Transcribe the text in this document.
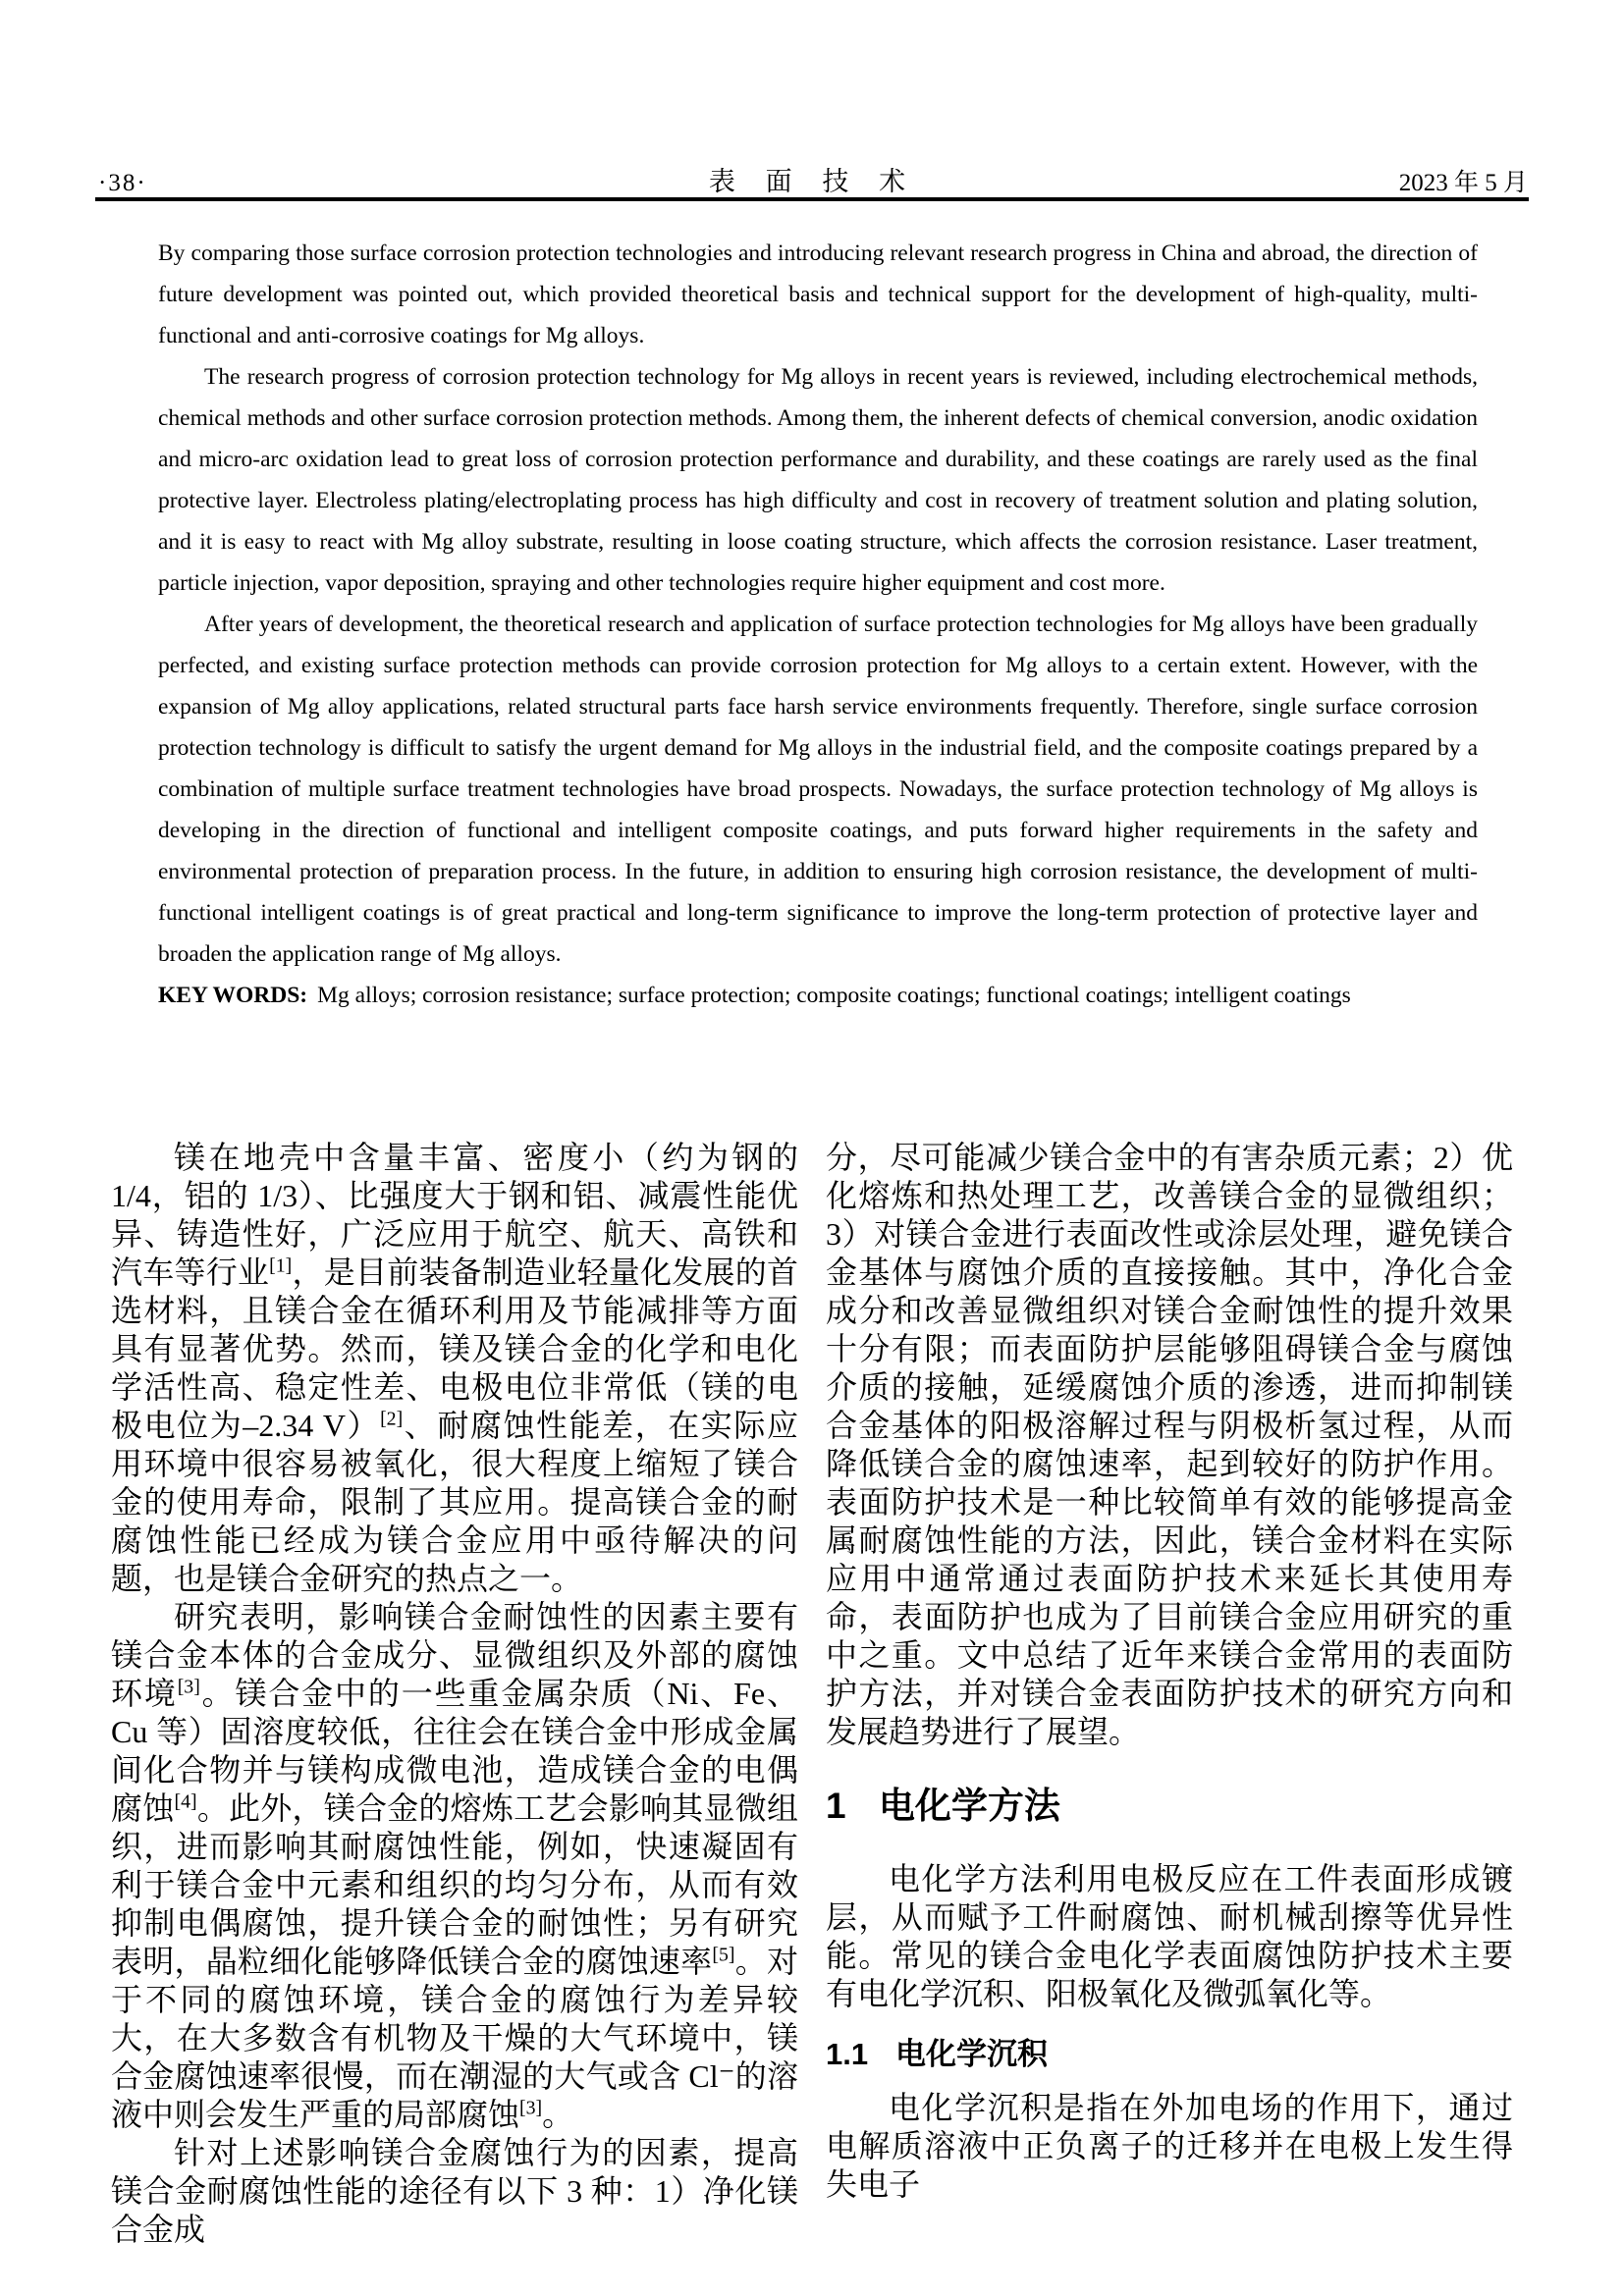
·38·	表 面 技 术	2023 年 5 月

By comparing those surface corrosion protection technologies and introducing relevant research progress in China and abroad, the direction of future development was pointed out, which provided theoretical basis and technical support for the development of high-quality, multi-functional and anti-corrosive coatings for Mg alloys.

The research progress of corrosion protection technology for Mg alloys in recent years is reviewed, including electrochemical methods, chemical methods and other surface corrosion protection methods. Among them, the inherent defects of chemical conversion, anodic oxidation and micro-arc oxidation lead to great loss of corrosion protection performance and durability, and these coatings are rarely used as the final protective layer. Electroless plating/electroplating process has high difficulty and cost in recovery of treatment solution and plating solution, and it is easy to react with Mg alloy substrate, resulting in loose coating structure, which affects the corrosion resistance. Laser treatment, particle injection, vapor deposition, spraying and other technologies require higher equipment and cost more.

After years of development, the theoretical research and application of surface protection technologies for Mg alloys have been gradually perfected, and existing surface protection methods can provide corrosion protection for Mg alloys to a certain extent. However, with the expansion of Mg alloy applications, related structural parts face harsh service environments frequently. Therefore, single surface corrosion protection technology is difficult to satisfy the urgent demand for Mg alloys in the industrial field, and the composite coatings prepared by a combination of multiple surface treatment technologies have broad prospects. Nowadays, the surface protection technology of Mg alloys is developing in the direction of functional and intelligent composite coatings, and puts forward higher requirements in the safety and environmental protection of preparation process. In the future, in addition to ensuring high corrosion resistance, the development of multi-functional intelligent coatings is of great practical and long-term significance to improve the long-term protection of protective layer and broaden the application range of Mg alloys.

KEY WORDS: Mg alloys; corrosion resistance; surface protection; composite coatings; functional coatings; intelligent coatings

镁在地壳中含量丰富、密度小（约为钢的 1/4，铝的 1/3）、比强度大于钢和铝、减震性能优异、铸造性好，广泛应用于航空、航天、高铁和汽车等行业[1]，是目前装备制造业轻量化发展的首选材料，且镁合金在循环利用及节能减排等方面具有显著优势。然而，镁及镁合金的化学和电化学活性高、稳定性差、电极电位非常低（镁的电极电位为–2.34 V）[2]、耐腐蚀性能差，在实际应用环境中很容易被氧化，很大程度上缩短了镁合金的使用寿命，限制了其应用。提高镁合金的耐腐蚀性能已经成为镁合金应用中亟待解决的问题，也是镁合金研究的热点之一。

研究表明，影响镁合金耐蚀性的因素主要有镁合金本体的合金成分、显微组织及外部的腐蚀环境[3]。镁合金中的一些重金属杂质（Ni、Fe、Cu 等）固溶度较低，往往会在镁合金中形成金属间化合物并与镁构成微电池，造成镁合金的电偶腐蚀[4]。此外，镁合金的熔炼工艺会影响其显微组织，进而影响其耐腐蚀性能，例如，快速凝固有利于镁合金中元素和组织的均匀分布，从而有效抑制电偶腐蚀，提升镁合金的耐蚀性；另有研究表明，晶粒细化能够降低镁合金的腐蚀速率[5]。对于不同的腐蚀环境，镁合金的腐蚀行为差异较大，在大多数含有机物及干燥的大气环境中，镁合金腐蚀速率很慢，而在潮湿的大气或含 Cl⁻的溶液中则会发生严重的局部腐蚀[3]。

针对上述影响镁合金腐蚀行为的因素，提高镁合金耐腐蚀性能的途径有以下 3 种：1）净化镁合金成

分，尽可能减少镁合金中的有害杂质元素；2）优化熔炼和热处理工艺，改善镁合金的显微组织；3）对镁合金进行表面改性或涂层处理，避免镁合金基体与腐蚀介质的直接接触。其中，净化合金成分和改善显微组织对镁合金耐蚀性的提升效果十分有限；而表面防护层能够阻碍镁合金与腐蚀介质的接触，延缓腐蚀介质的渗透，进而抑制镁合金基体的阳极溶解过程与阴极析氢过程，从而降低镁合金的腐蚀速率，起到较好的防护作用。表面防护技术是一种比较简单有效的能够提高金属耐腐蚀性能的方法，因此，镁合金材料在实际应用中通常通过表面防护技术来延长其使用寿命，表面防护也成为了目前镁合金应用研究的重中之重。文中总结了近年来镁合金常用的表面防护方法，并对镁合金表面防护技术的研究方向和发展趋势进行了展望。

1 电化学方法

电化学方法利用电极反应在工件表面形成镀层，从而赋予工件耐腐蚀、耐机械刮擦等优异性能。常见的镁合金电化学表面腐蚀防护技术主要有电化学沉积、阳极氧化及微弧氧化等。

1.1 电化学沉积

电化学沉积是指在外加电场的作用下，通过电解质溶液中正负离子的迁移并在电极上发生得失电子
